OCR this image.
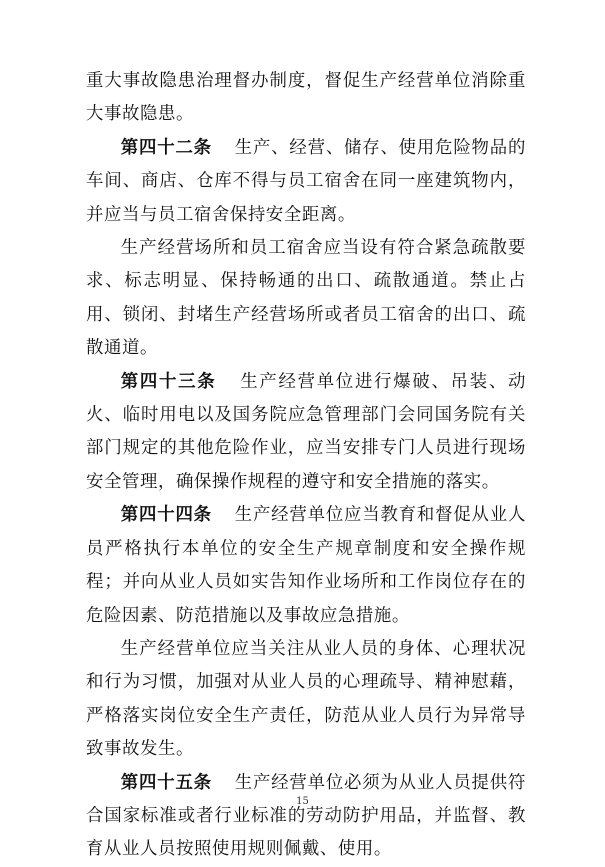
重大事故隐患治理督办制度，督促生产经营单位消除重大事故隐患。

第四十二条 生产、经营、储存、使用危险物品的车间、商店、仓库不得与员工宿舍在同一座建筑物内，并应当与员工宿舍保持安全距离。

生产经营场所和员工宿舍应当设有符合紧急疏散要求、标志明显、保持畅通的出口、疏散通道。禁止占用、锁闭、封堵生产经营场所或者员工宿舍的出口、疏散通道。

第四十三条 生产经营单位进行爆破、吊装、动火、临时用电以及国务院应急管理部门会同国务院有关部门规定的其他危险作业，应当安排专门人员进行现场安全管理，确保操作规程的遵守和安全措施的落实。

第四十四条 生产经营单位应当教育和督促从业人员严格执行本单位的安全生产规章制度和安全操作规程；并向从业人员如实告知作业场所和工作岗位存在的危险因素、防范措施以及事故应急措施。

生产经营单位应当关注从业人员的身体、心理状况和行为习惯，加强对从业人员的心理疏导、精神慰藉，严格落实岗位安全生产责任，防范从业人员行为异常导致事故发生。

第四十五条 生产经营单位必须为从业人员提供符合国家标准或者行业标准的劳动防护用品，并监督、教育从业人员按照使用规则佩戴、使用。

15
